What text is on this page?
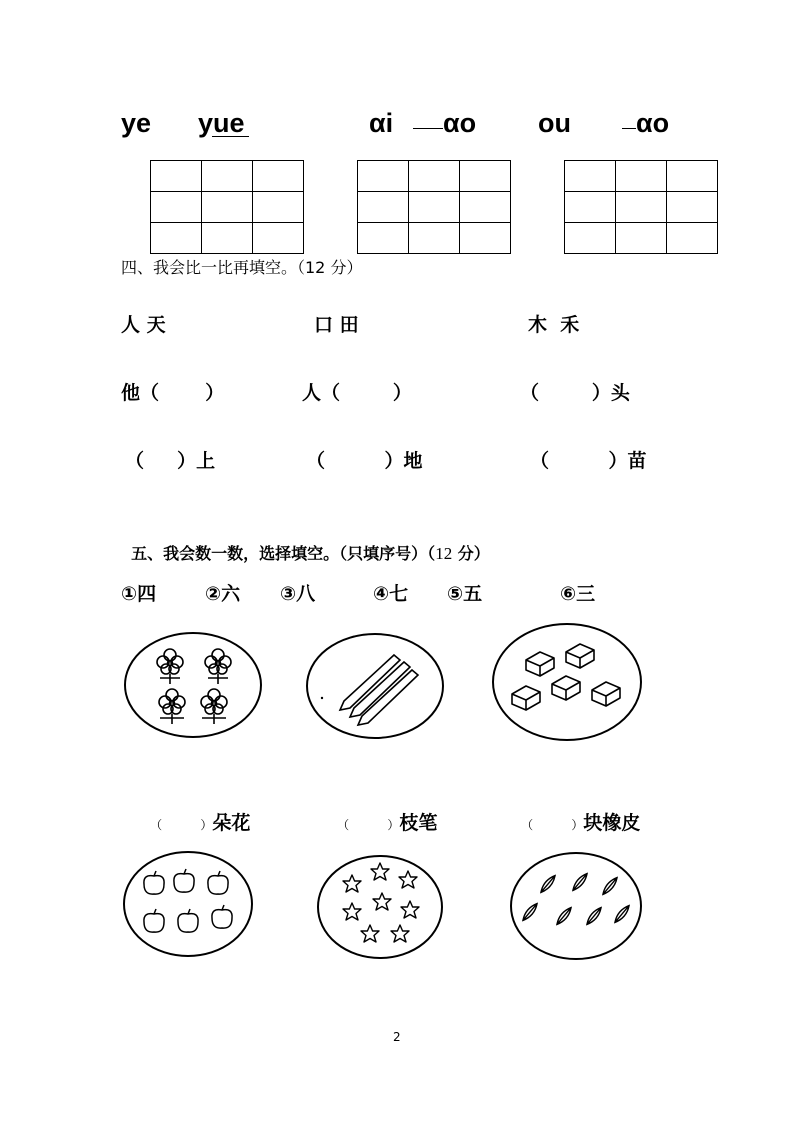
ye yue	αi αo ou αo

四、我会比一比再填空。（12 分）
人 天	口 田	木  禾
他（       ）	人（        ）	（        ）头
（     ）上	（         ）地	（         ）苗

五、我会数一数，选择填空。（只填序号）（12 分）

①四	②六 ③八	④七 ⑤五	⑥三

（          ）朵花	（          ）枝笔	（          ）块橡皮

2
